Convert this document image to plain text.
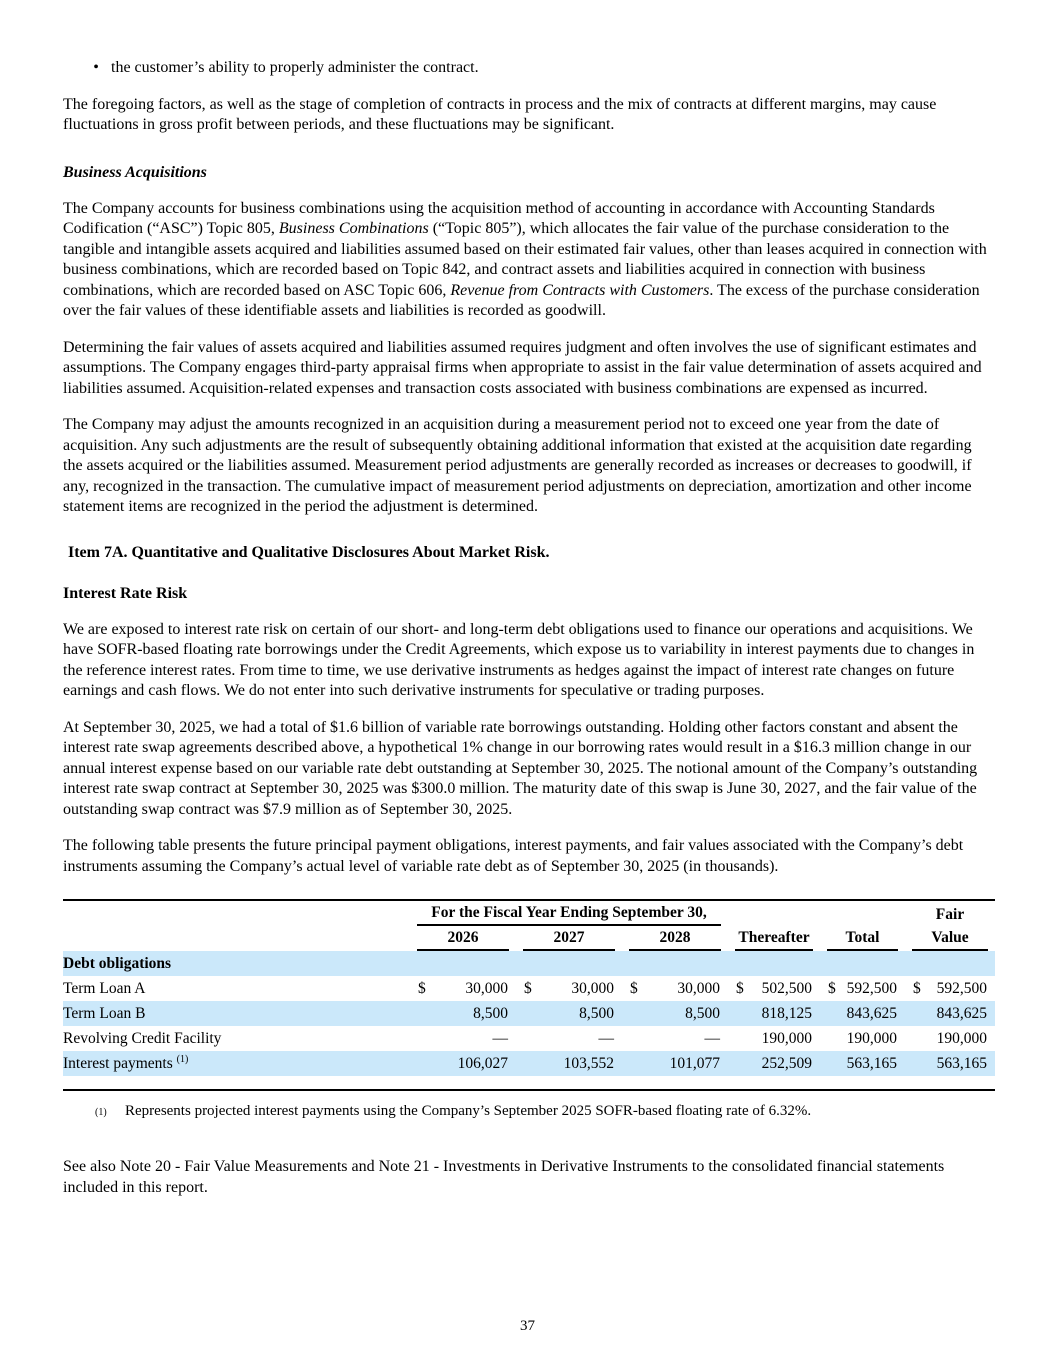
• the customer’s ability to properly administer the contract.

The foregoing factors, as well as the stage of completion of contracts in process and the mix of contracts at different margins, may cause fluctuations in gross profit between periods, and these fluctuations may be significant.

Business Acquisitions

The Company accounts for business combinations using the acquisition method of accounting in accordance with Accounting Standards Codification (“ASC”) Topic 805, Business Combinations (“Topic 805”), which allocates the fair value of the purchase consideration to the tangible and intangible assets acquired and liabilities assumed based on their estimated fair values, other than leases acquired in connection with business combinations, which are recorded based on Topic 842, and contract assets and liabilities acquired in connection with business combinations, which are recorded based on ASC Topic 606, Revenue from Contracts with Customers. The excess of the purchase consideration over the fair values of these identifiable assets and liabilities is recorded as goodwill.

Determining the fair values of assets acquired and liabilities assumed requires judgment and often involves the use of significant estimates and assumptions. The Company engages third-party appraisal firms when appropriate to assist in the fair value determination of assets acquired and liabilities assumed. Acquisition-related expenses and transaction costs associated with business combinations are expensed as incurred.

The Company may adjust the amounts recognized in an acquisition during a measurement period not to exceed one year from the date of acquisition. Any such adjustments are the result of subsequently obtaining additional information that existed at the acquisition date regarding the assets acquired or the liabilities assumed. Measurement period adjustments are generally recorded as increases or decreases to goodwill, if any, recognized in the transaction. The cumulative impact of measurement period adjustments on depreciation, amortization and other income statement items are recognized in the period the adjustment is determined.

Item 7A. Quantitative and Qualitative Disclosures About Market Risk.
Interest Rate Risk

We are exposed to interest rate risk on certain of our short- and long-term debt obligations used to finance our operations and acquisitions. We have SOFR-based floating rate borrowings under the Credit Agreements, which expose us to variability in interest payments due to changes in the reference interest rates. From time to time, we use derivative instruments as hedges against the impact of interest rate changes on future earnings and cash flows. We do not enter into such derivative instruments for speculative or trading purposes.

At September 30, 2025, we had a total of $1.6 billion of variable rate borrowings outstanding. Holding other factors constant and absent the interest rate swap agreements described above, a hypothetical 1% change in our borrowing rates would result in a $16.3 million change in our annual interest expense based on our variable rate debt outstanding at September 30, 2025. The notional amount of the Company’s outstanding interest rate swap contract at September 30, 2025 was $300.0 million. The maturity date of this swap is June 30, 2027, and the fair value of the outstanding swap contract was $7.9 million as of September 30, 2025.

The following table presents the future principal payment obligations, interest payments, and fair values associated with the Company’s debt instruments assuming the Company’s actual level of variable rate debt as of September 30, 2025 (in thousands).

	For the Fiscal Year Ending September 30,					Fair

	2026	2027	2028	Thereafter	Total	Value

Debt obligations						
Term Loan A	$ 30,000	$ 30,000	$ 30,000	$ 502,500	$ 592,500	$ 592,500

Term Loan B	8,500	8,500	8,500	818,125	843,625	843,625

Revolving Credit Facility	—	—	—	190,000	190,000	190,000

Interest payments $^{(1)}$	106,027	103,552	101,077	252,509	563,165	563,165

(1)	Represents projected interest payments using the Company’s September 2025 SOFR-based floating rate of 6.32%.

See also Note 20 - Fair Value Measurements and Note 21 - Investments in Derivative Instruments to the consolidated financial statements included in this report.

37
